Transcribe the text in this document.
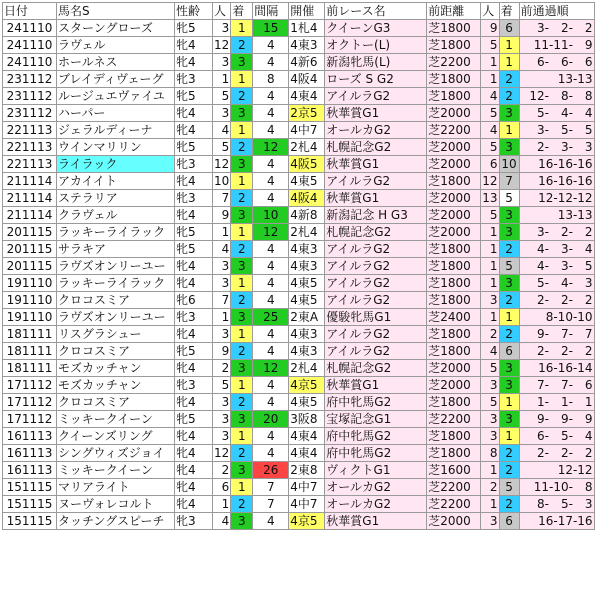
日付	馬名S	性齢	人	着	間隔	開催	前レース名	前距離	人	着	前通過順
241110	スターングローズ	牝5	3	1	15	1札4	クイーンG3	芝1800	9	6	3-　2-　2
241110	ラヴェル	牝4	12	2	4	4東3	オクトー(L)	芝1800	5	1	11-11-　9
241110	ホールネス	牝4	3	3	4	4新6	新潟牝馬(L)	芝2200	1	1	6-　6-　6
231112	ブレイディヴェーグ	牝3	1	1	8	4阪4	ローズ S G2	芝1800	1	2	13-13
231112	ルージュエヴァイユ	牝5	5	2	4	4東4	アイルラG2	芝1800	4	2	12-　8-　8
231112	ハーパー	牝4	3	3	4	2京5	秋華賞G1	芝2000	5	3	5-　4-　4
221113	ジェラルディーナ	牝4	4	1	4	4中7	オールカG2	芝2200	4	1	3-　5-　5
221113	ウインマリリン	牝5	5	2	12	2札4	札幌記念G2	芝2000	5	3	2-　3-　3
221113	ライラック	牝3	12	3	4	4阪5	秋華賞G1	芝2000	6	10	16-16-16
211114	アカイイト	牝4	10	1	4	4東5	アイルラG2	芝1800	12	7	16-16-16
211114	ステラリア	牝3	7	2	4	4阪4	秋華賞G1	芝2000	13	5	12-12-12
211114	クラヴェル	牝4	9	3	10	4新8	新潟記念 H G3	芝2000	5	3	13-13
201115	ラッキーライラック	牝5	1	1	12	2札4	札幌記念G2	芝2000	1	3	3-　2-　2
201115	サラキア	牝5	4	2	4	4東3	アイルラG2	芝1800	1	2	4-　3-　4
201115	ラヴズオンリーユー	牝4	3	3	4	4東3	アイルラG2	芝1800	1	5	4-　3-　5
191110	ラッキーライラック	牝4	3	1	4	4東5	アイルラG2	芝1800	1	3	5-　4-　3
191110	クロコスミア	牝6	7	2	4	4東5	アイルラG2	芝1800	3	2	2-　2-　2
191110	ラヴズオンリーユー	牝3	1	3	25	2東A	優駿牝馬G1	芝2400	1	1	8-10-10
181111	リスグラシュー	牝4	3	1	4	4東3	アイルラG2	芝1800	2	2	9-　7-　7
181111	クロコスミア	牝5	9	2	4	4東3	アイルラG2	芝1800	4	6	2-　2-　2
181111	モズカッチャン	牝4	2	3	12	2札4	札幌記念G2	芝2000	5	3	16-16-14
171112	モズカッチャン	牝3	5	1	4	4京5	秋華賞G1	芝2000	3	3	7-　7-　6
171112	クロコスミア	牝4	3	2	4	4東5	府中牝馬G2	芝1800	5	1	1-　1-　1
171112	ミッキークイーン	牝5	3	3	20	3阪8	宝塚記念G1	芝2200	3	3	9-　9-　9
161113	クイーンズリング	牝4	3	1	4	4東4	府中牝馬G2	芝1800	3	1	6-　5-　4
161113	シングウィズジョイ	牝4	12	2	4	4東4	府中牝馬G2	芝1800	8	2	2-　2-　2
161113	ミッキークイーン	牝4	2	3	26	2東8	ヴィクトG1	芝1600	1	2	12-12
151115	マリアライト	牝4	6	1	7	4中7	オールカG2	芝2200	2	5	11-10-　8
151115	ヌーヴォレコルト	牝4	1	2	7	4中7	オールカG2	芝2200	1	2	8-　5-　3
151115	タッチングスピーチ	牝3	4	3	4	4京5	秋華賞G1	芝2000	3	6	16-17-16
